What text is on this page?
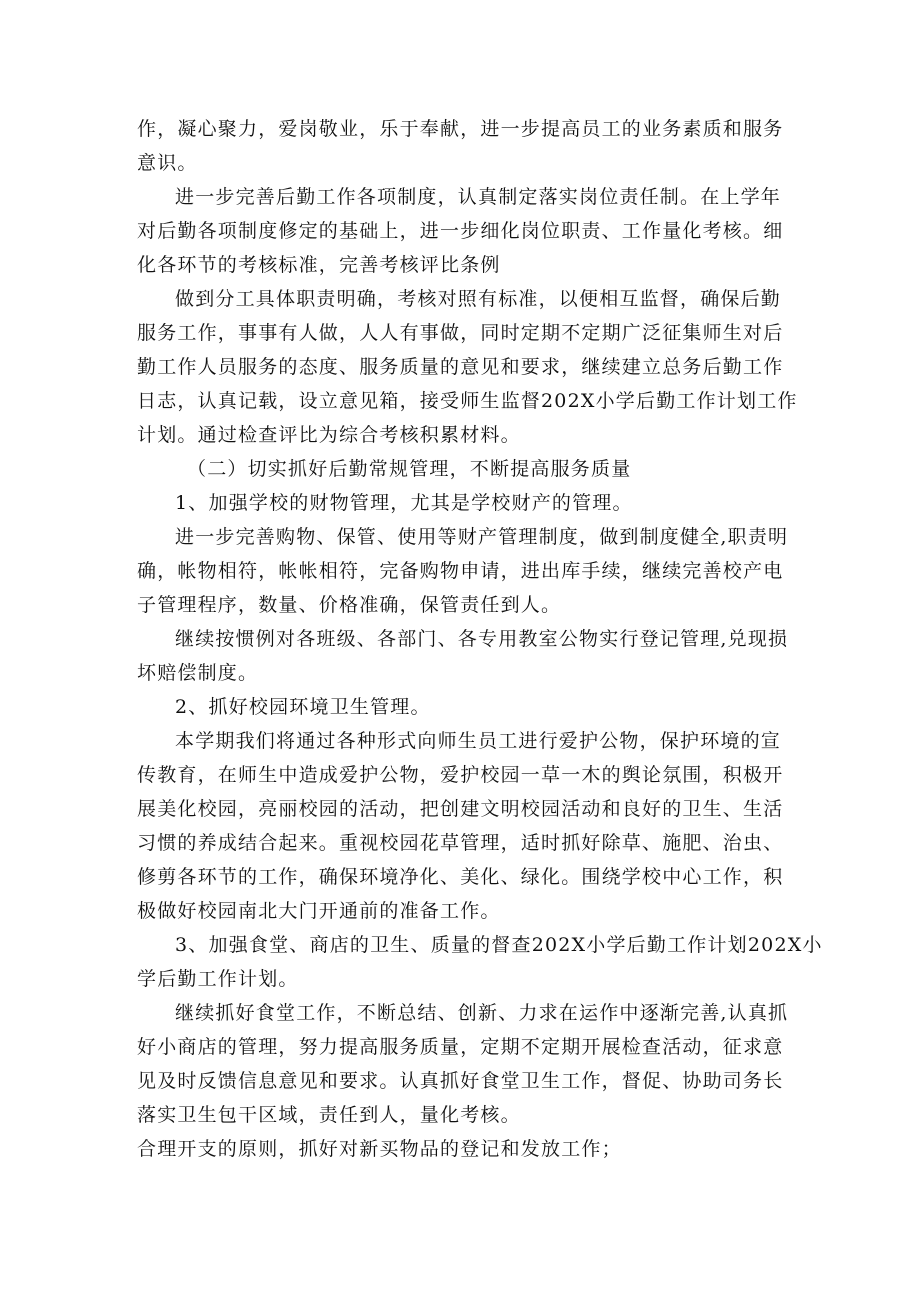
作，凝心聚力，爱岗敬业，乐于奉献，进一步提高员工的业务素质和服务
意识。
进一步完善后勤工作各项制度，认真制定落实岗位责任制。在上学年
对后勤各项制度修定的基础上，进一步细化岗位职责、工作量化考核。细
化各环节的考核标准，完善考核评比条例
做到分工具体职责明确，考核对照有标准，以便相互监督，确保后勤
服务工作，事事有人做，人人有事做，同时定期不定期广泛征集师生对后
勤工作人员服务的态度、服务质量的意见和要求，继续建立总务后勤工作
日志，认真记载，设立意见箱，接受师生监督202X小学后勤工作计划工作
计划。通过检查评比为综合考核积累材料。
（二）切实抓好后勤常规管理，不断提高服务质量
1、加强学校的财物管理，尤其是学校财产的管理。
进一步完善购物、保管、使用等财产管理制度，做到制度健全,职责明
确，帐物相符，帐帐相符，完备购物申请，进出库手续，继续完善校产电
子管理程序，数量、价格准确，保管责任到人。
继续按惯例对各班级、各部门、各专用教室公物实行登记管理,兑现损
坏赔偿制度。
2、抓好校园环境卫生管理。
本学期我们将通过各种形式向师生员工进行爱护公物，保护环境的宣
传教育，在师生中造成爱护公物，爱护校园一草一木的舆论氛围，积极开
展美化校园，亮丽校园的活动，把创建文明校园活动和良好的卫生、生活
习惯的养成结合起来。重视校园花草管理，适时抓好除草、施肥、治虫、
修剪各环节的工作，确保环境净化、美化、绿化。围绕学校中心工作，积
极做好校园南北大门开通前的准备工作。
3、加强食堂、商店的卫生、质量的督查202X小学后勤工作计划202X小
学后勤工作计划。
继续抓好食堂工作，不断总结、创新、力求在运作中逐渐完善,认真抓
好小商店的管理，努力提高服务质量，定期不定期开展检查活动，征求意
见及时反馈信息意见和要求。认真抓好食堂卫生工作，督促、协助司务长
落实卫生包干区域，责任到人，量化考核。
合理开支的原则，抓好对新买物品的登记和发放工作；
